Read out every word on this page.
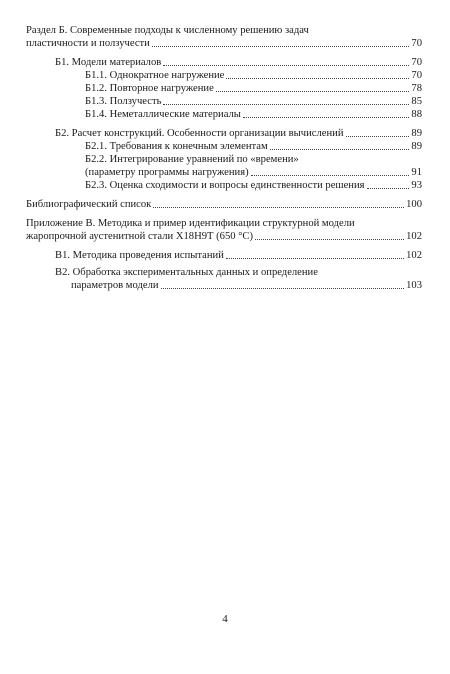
Раздел Б. Современные подходы к численному решению задач
пластичности и ползучести	70
Б1. Модели материалов	70
Б1.1. Однократное нагружение	70
Б1.2. Повторное нагружение	78
Б1.3. Ползучесть	85
Б1.4. Неметаллические материалы	88
Б2. Расчет конструкций. Особенности организации вычислений	89
Б2.1. Требования к конечным элементам	89
Б2.2. Интегрирование уравнений по «времени»
(параметру программы нагружения)	91
Б2.3. Оценка сходимости и вопросы единственности решения	93
Библиографический список	100
Приложение В. Методика и пример идентификации структурной модели
жаропрочной аустенитной стали Х18Н9Т (650 °С)	102
В1. Методика проведения испытаний	102
В2. Обработка экспериментальных данных и определение
параметров модели	103
4
